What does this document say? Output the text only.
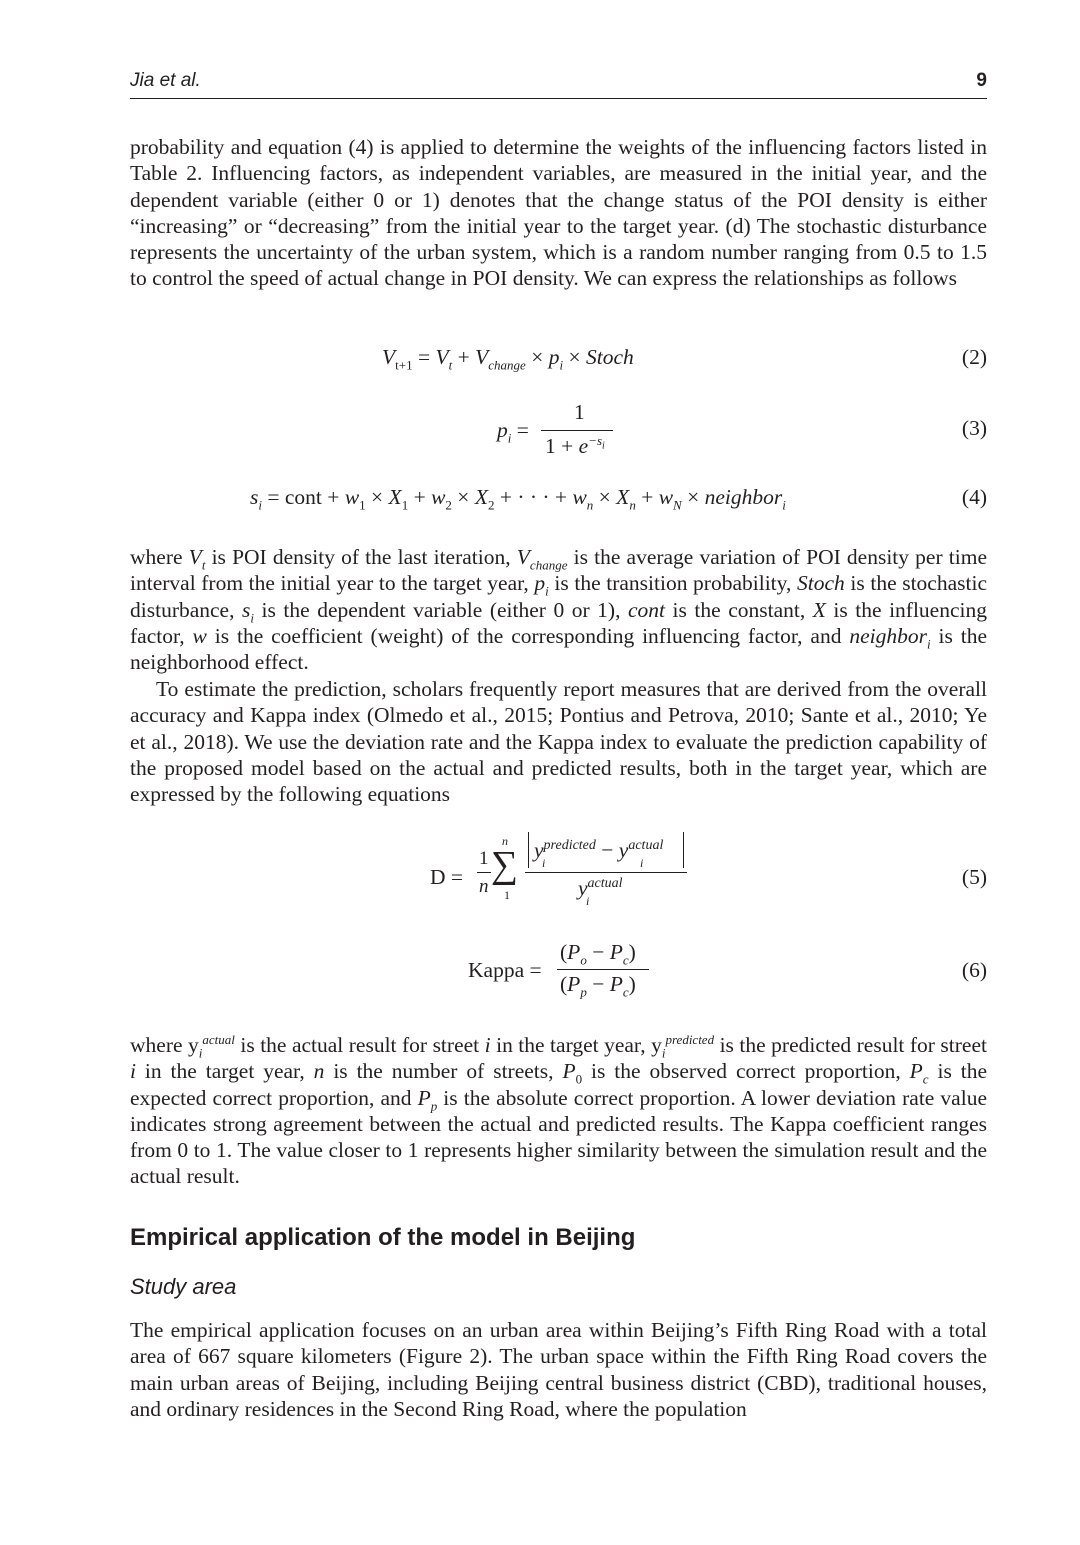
Jia et al.	9

probability and equation (4) is applied to determine the weights of the influencing factors listed in Table 2. Influencing factors, as independent variables, are measured in the initial year, and the dependent variable (either 0 or 1) denotes that the change status of the POI density is either “increasing” or “decreasing” from the initial year to the target year. (d) The stochastic disturbance represents the uncertainty of the urban system, which is a random number ranging from 0.5 to 1.5 to control the speed of actual change in POI density. We can express the relationships as follows

$V_{t+1} = V_t + V_{change} \times p_i$ × Stoch	(2)
$p_i$ =
1
$1 + e^{-s_i}$
(3)
$s_i$ = cont + $w_1 \times X_1 + w_2 \times X_2$ + · · · + $w_n \times X_n + w_N$ × neighbor$_i$	(4)

where $V_t$ is POI density of the last iteration, $V_{change}$ is the average variation of POI density per time interval from the initial year to the target year, $p_i$ is the transition probability, Stoch is the stochastic disturbance, $s_i$ is the dependent variable (either 0 or 1), cont is the constant, X is the influencing factor, w is the coefficient (weight) of the corresponding influencing factor, and neighbor$_i$ is the neighborhood effect.

To estimate the prediction, scholars frequently report measures that are derived from the overall accuracy and Kappa index (Olmedo et al., 2015; Pontius and Petrova, 2010; Sante et al., 2010; Ye et al., 2018). We use the deviation rate and the Kappa index to evaluate the prediction capability of the proposed model based on the actual and predicted results, both in the target year, which are expressed by the following equations

D =
1
n
n
∑
1
$y^{predicted} - y^{actual}$
i	i
$y^{actual}$
i
(5)
Kappa =
$(P_o - P_c)$
$(P_p - P_c)$
(6)

where $y_i^{actual}$ is the actual result for street i in the target year, $y_i^{predicted}$ is the predicted result for street i in the target year, n is the number of streets, $P_0$ is the observed correct proportion, $P_c$ is the expected correct proportion, and $P_p$ is the absolute correct proportion. A lower deviation rate value indicates strong agreement between the actual and predicted results. The Kappa coefficient ranges from 0 to 1. The value closer to 1 represents higher similarity between the simulation result and the actual result.

Empirical application of the model in Beijing
Study area

The empirical application focuses on an urban area within Beijing’s Fifth Ring Road with a total area of 667 square kilometers (Figure 2). The urban space within the Fifth Ring Road covers the main urban areas of Beijing, including Beijing central business district (CBD), traditional houses, and ordinary residences in the Second Ring Road, where the population
